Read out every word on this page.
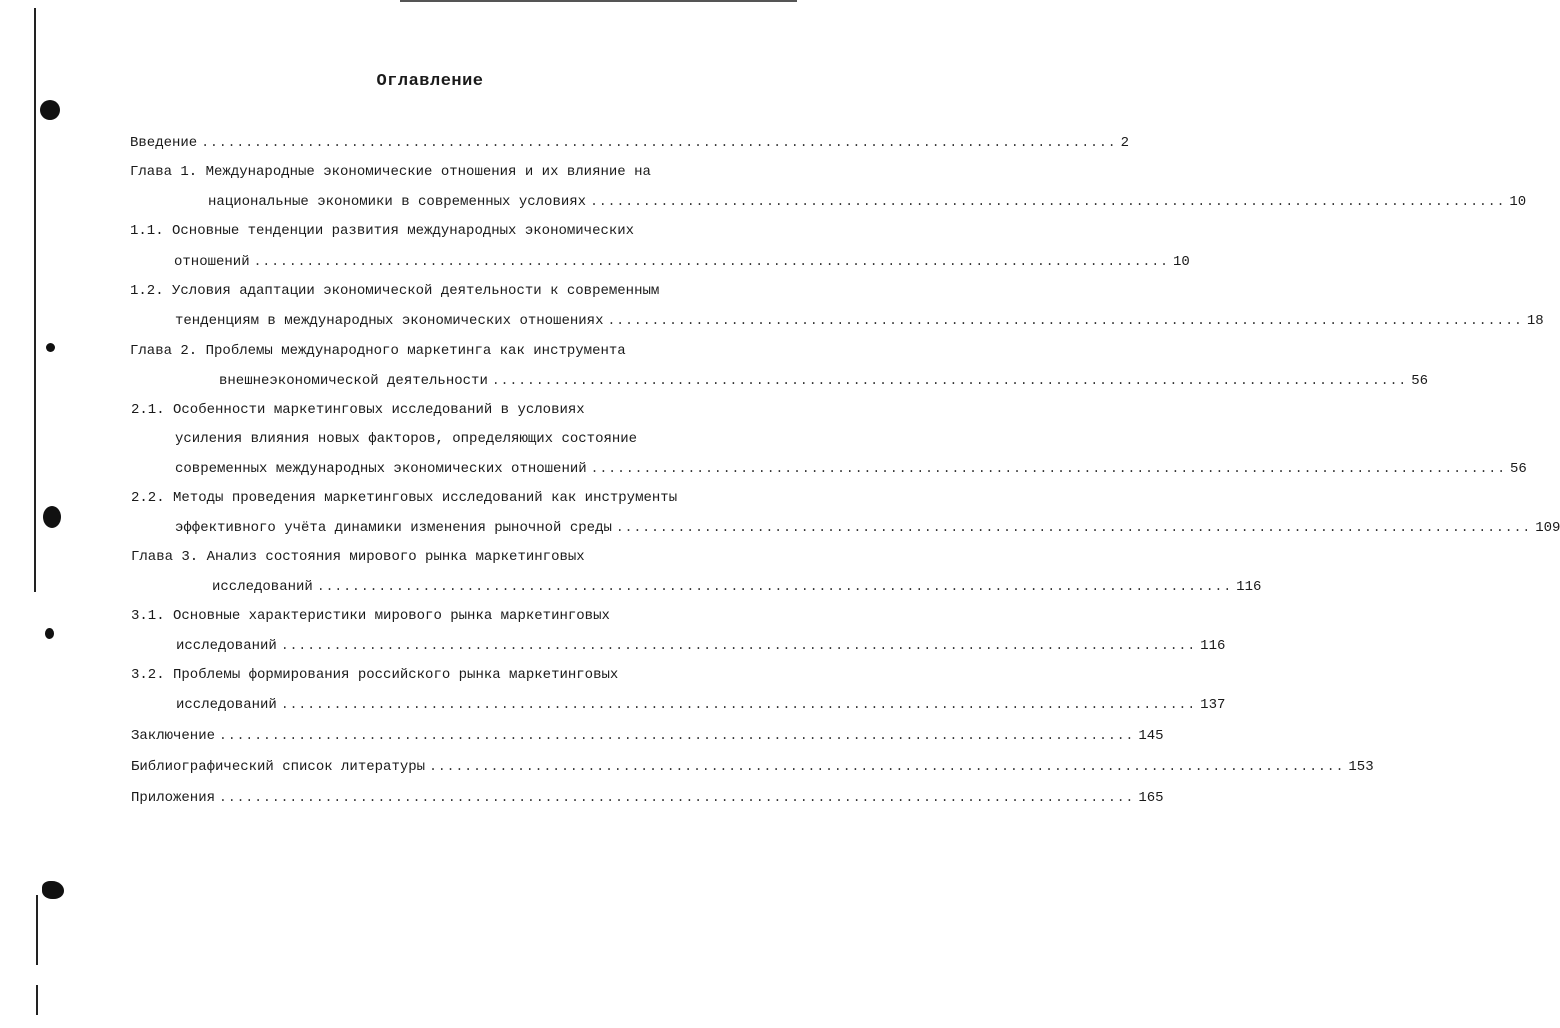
Оглавление
Введение ........................................................................................................ 2
Глава 1. Международные экономические отношения и их влияние на
национальные экономики в современных условиях ........................................................................................................ 10
1.1. Основные тенденции развития международных экономических
отношений ........................................................................................................ 10
1.2. Условия адаптации экономической деятельности к современным
тенденциям в международных экономических отношениях ........................................................................................................ 18
Глава 2. Проблемы международного маркетинга как инструмента
внешнеэкономической деятельности ........................................................................................................ 56
2.1. Особенности маркетинговых исследований в условиях
усиления влияния новых факторов, определяющих состояние
современных международных экономических отношений ........................................................................................................ 56
2.2. Методы проведения маркетинговых исследований как инструменты
эффективного учёта динамики изменения рыночной среды ........................................................................................................ 109
Глава 3. Анализ состояния мирового рынка маркетинговых
исследований ........................................................................................................ 116
3.1. Основные характеристики мирового рынка маркетинговых
исследований ........................................................................................................ 116
3.2. Проблемы формирования российского рынка маркетинговых
исследований ........................................................................................................ 137
Заключение ........................................................................................................ 145
Библиографический список литературы ........................................................................................................ 153
Приложения ........................................................................................................ 165
